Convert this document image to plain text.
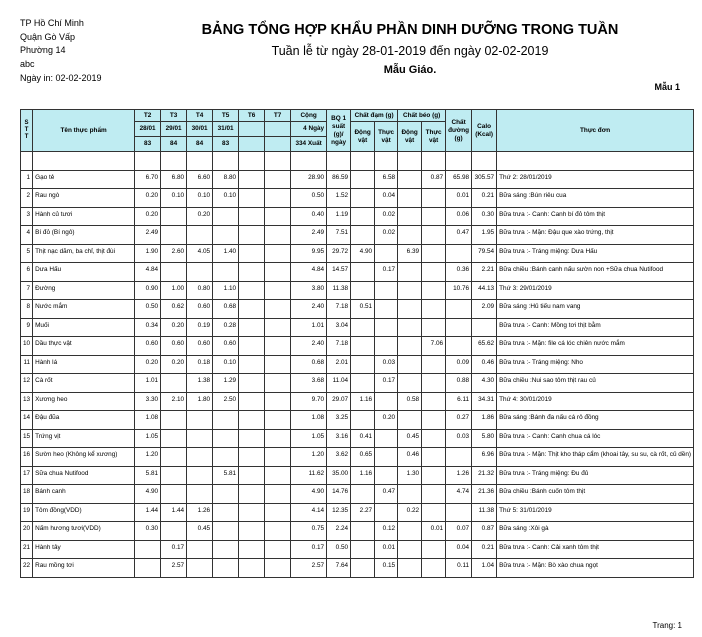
TP Hồ Chí Minh
Quận Gò Vấp
Phường 14
abc
Ngày in: 02-02-2019
BẢNG TỔNG HỢP KHẨU PHẦN DINH DƯỠNG TRONG TUẦN
Tuần lễ từ ngày 28-01-2019 đến ngày 02-02-2019
Mẫu Giáo.
Mẫu 1
S T T	Tên thực phẩm	T2	T3	T4	T5	T6	T7	Cộng	BQ 1 suất (g)/ ngày	Chất đạm (g)		Chất béo (g)		Chất đường (g)	Calo (Kcal)	Thực đơn
		28/01	29/01	30/01	31/01			4 Ngày		Động vật	Thực vật	Động vật	Thực vật			
		83	84	84	83			334 Xuất								

1	Gạo tẻ	6.70	6.80	6.60	8.80			28.90	86.59		6.58		0.87	65.98	305.57	Thứ 2: 28/01/2019
2	Rau ngò	0.20	0.10	0.10	0.10			0.50	1.52		0.04			0.01	0.21	Bữa sáng :Bún riêu cua
3	Hành củ tươi	0.20		0.20				0.40	1.19		0.02			0.06	0.30	Bữa trưa :- Canh: Canh bí đỏ tôm thịt
4	Bí đỏ (Bí ngô)	2.49						2.49	7.51		0.02			0.47	1.95	Bữa trưa :- Mặn: Đậu que xào trứng, thịt
5	Thịt nạc dăm, ba chỉ, thịt đùi	1.90	2.60	4.05	1.40			9.95	29.72	4.90		6.39			79.54	Bữa trưa :- Tráng miệng: Dưa Hấu
6	Dưa Hấu	4.84						4.84	14.57		0.17			0.36	2.21	Bữa chiều :Bánh canh nấu sườn non +Sữa chua Nutifood
7	Đường	0.90	1.00	0.80	1.10			3.80	11.38					10.76	44.13	Thứ 3: 29/01/2019
8	Nước mắm	0.50	0.62	0.60	0.68			2.40	7.18	0.51					2.09	Bữa sáng :Hủ tiếu nam vang
9	Muối	0.34	0.20	0.19	0.28			1.01	3.04							Bữa trưa :- Canh: Mồng tơi thịt bằm
10	Dầu thực vật	0.60	0.60	0.60	0.60			2.40	7.18				7.06		65.62	Bữa trưa :- Mặn: file cá lóc chiên nước mắm
11	Hành lá	0.20	0.20	0.18	0.10			0.68	2.01		0.03			0.09	0.46	Bữa trưa :- Tráng miệng: Nho
12	Cà rốt	1.01		1.38	1.29			3.68	11.04		0.17			0.88	4.30	Bữa chiều :Nui sao tôm thịt rau củ
13	Xương heo	3.30	2.10	1.80	2.50			9.70	29.07	1.16		0.58		6.11	34.31	Thứ 4: 30/01/2019
14	Đậu đũa	1.08						1.08	3.25		0.20			0.27	1.86	Bữa sáng :Bánh đa nấu cá rô đồng
15	Trứng vịt	1.05						1.05	3.16	0.41		0.45		0.03	5.80	Bữa trưa :- Canh: Canh chua cá lóc
16	Sườn heo (Không kể xương)	1.20						1.20	3.62	0.65		0.46			6.96	Bữa trưa :- Mặn: Thịt kho tháp cẩm (khoai tây, su su, cà rốt, củ dền)
17	Sữa chua Nutifood	5.81			5.81			11.62	35.00	1.16		1.30		1.26	21.32	Bữa trưa :- Tráng miệng: Đu đủ
18	Bánh canh	4.90						4.90	14.76		0.47			4.74	21.36	Bữa chiều :Bánh cuốn tôm thịt
19	Tôm đồng(VDD)	1.44	1.44	1.26				4.14	12.35	2.27		0.22			11.38	Thứ 5: 31/01/2019
20	Nấm hương tươi(VDD)	0.30		0.45				0.75	2.24		0.12		0.01	0.07	0.87	Bữa sáng :Xôi gà
21	Hành tây		0.17					0.17	0.50		0.01			0.04	0.21	Bữa trưa :- Canh: Cải xanh tôm thịt
22	Rau mồng tơi		2.57					2.57	7.64		0.15			0.11	1.04	Bữa trưa :- Mặn: Bò xào chua ngọt
Trang: 1
